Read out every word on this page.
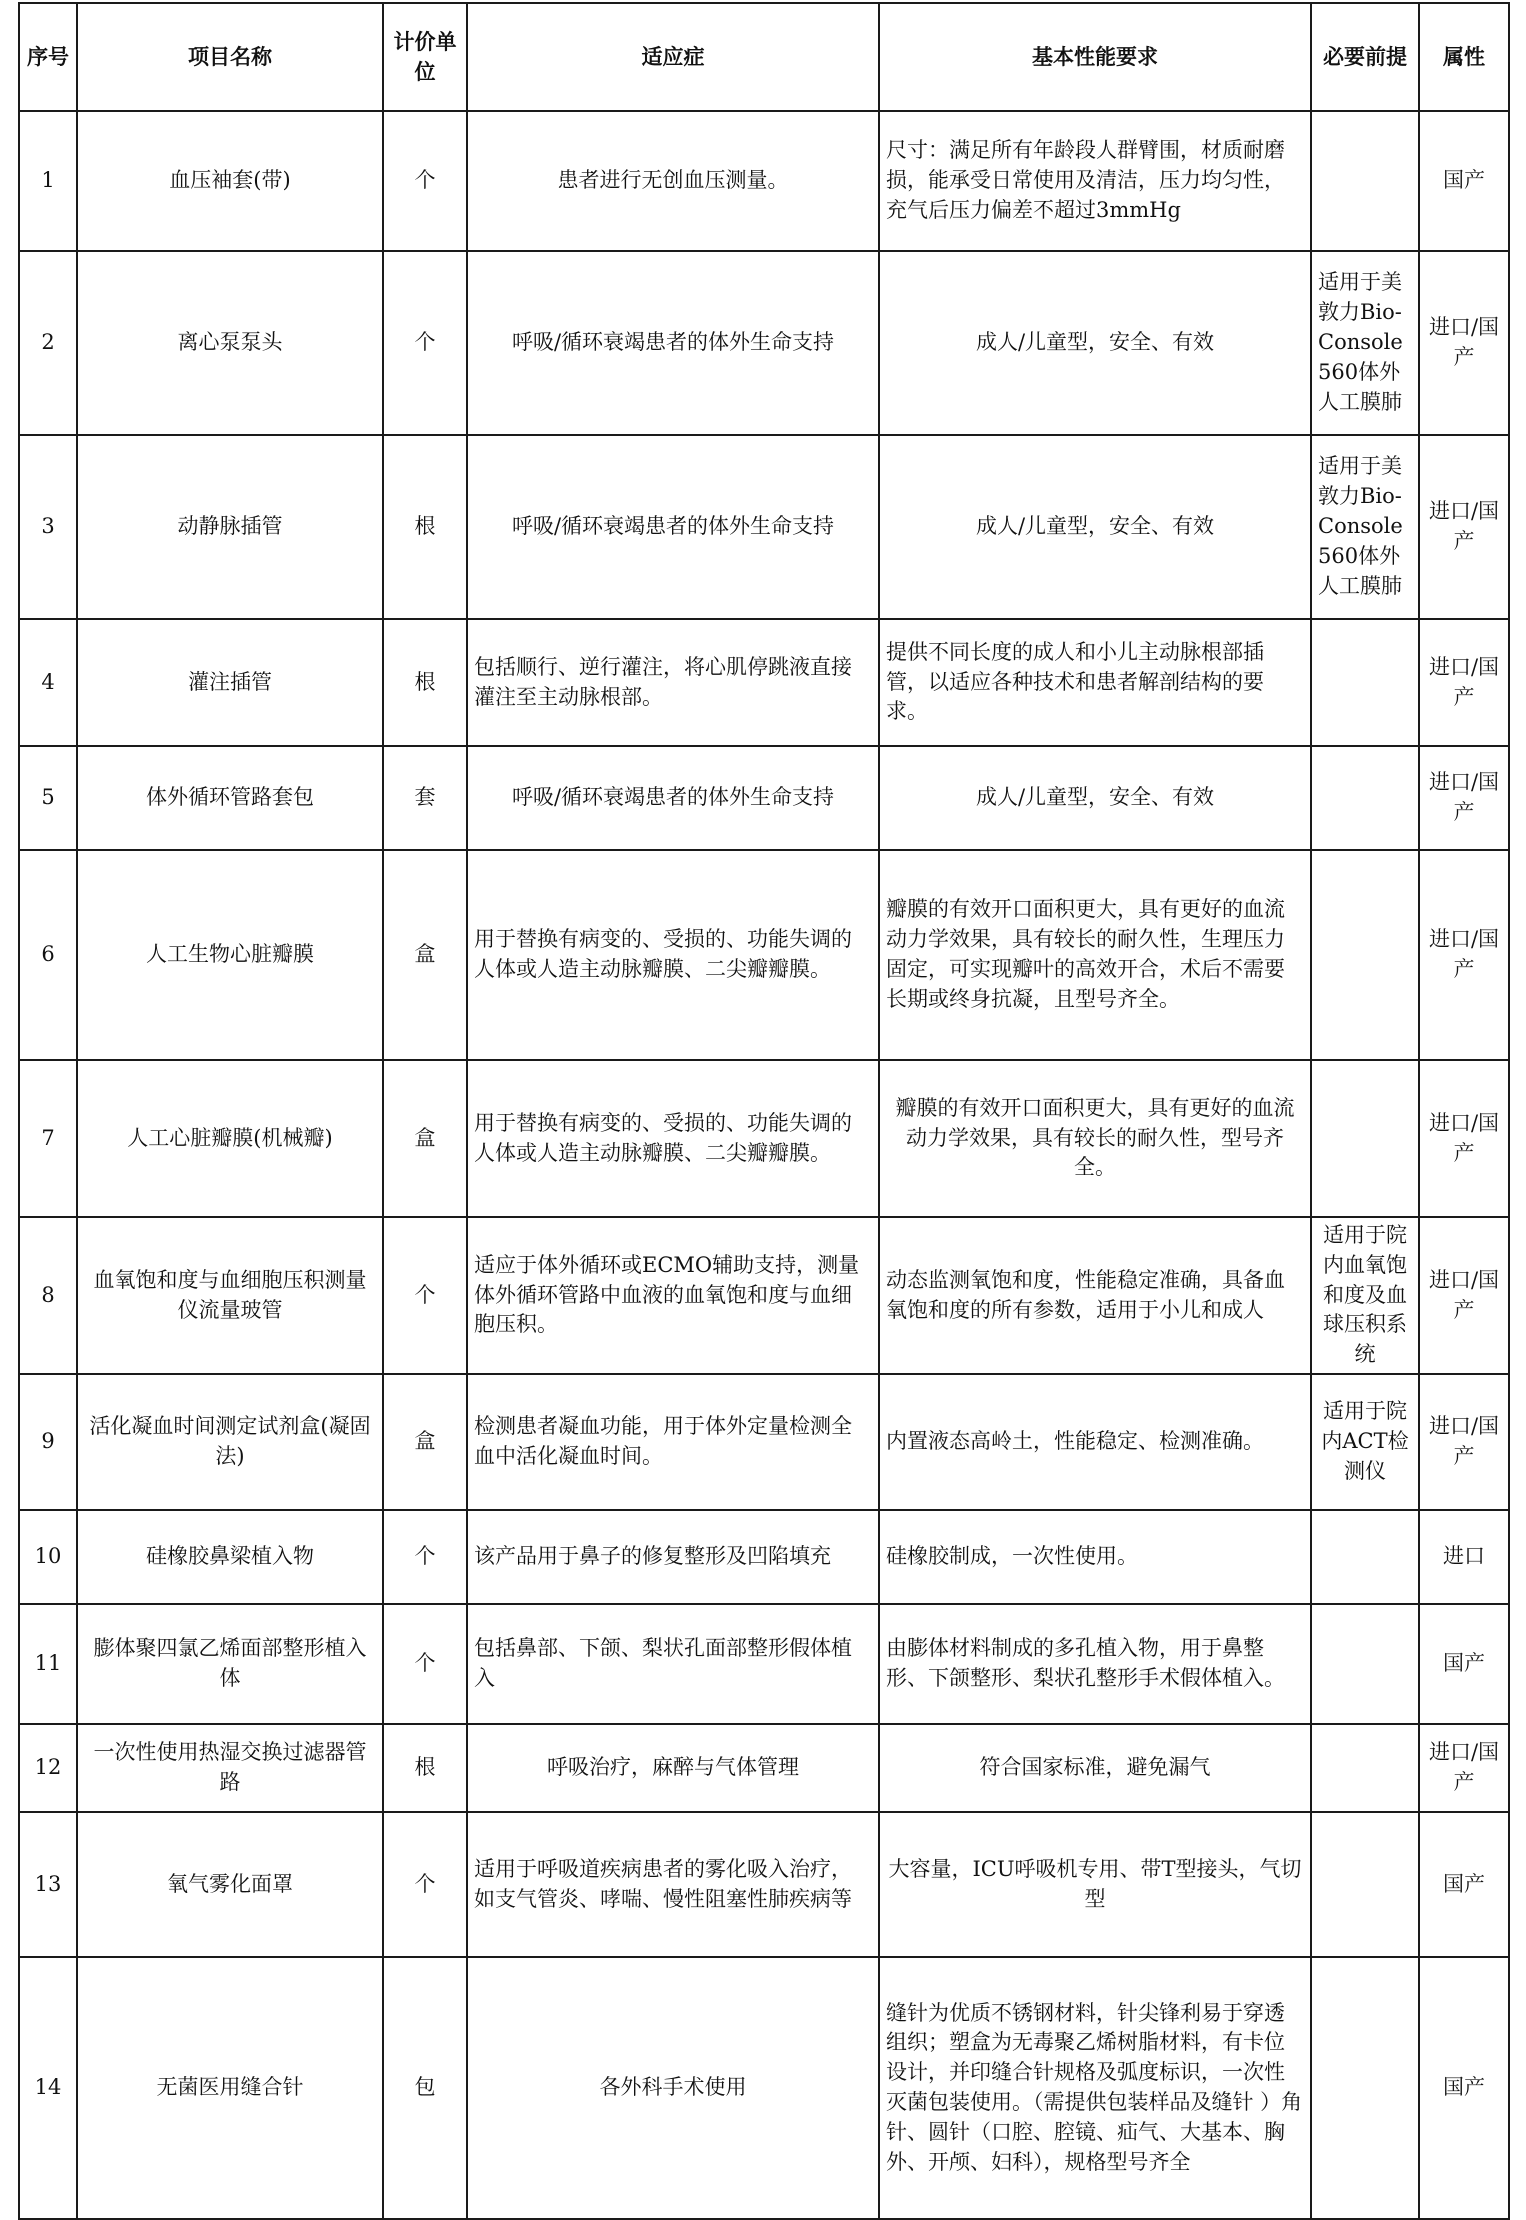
序号	项目名称	计价单位	适应症	基本性能要求	必要前提	属性
1	血压袖套(带)	个	患者进行无创血压测量。	尺寸：满足所有年龄段人群臂围，材质耐磨损，能承受日常使用及清洁，压力均匀性，充气后压力偏差不超过3mmHg		国产
2	离心泵泵头	个	呼吸/循环衰竭患者的体外生命支持	成人/儿童型，安全、有效	适用于美敦力Bio-Console560体外人工膜肺	进口/国产
3	动静脉插管	根	呼吸/循环衰竭患者的体外生命支持	成人/儿童型，安全、有效	适用于美敦力Bio-Console560体外人工膜肺	进口/国产
4	灌注插管	根	包括顺行、逆行灌注，将心肌停跳液直接灌注至主动脉根部。	提供不同长度的成人和小儿主动脉根部插管，以适应各种技术和患者解剖结构的要求。		进口/国产
5	体外循环管路套包	套	呼吸/循环衰竭患者的体外生命支持	成人/儿童型，安全、有效		进口/国产
6	人工生物心脏瓣膜	盒	用于替换有病变的、受损的、功能失调的人体或人造主动脉瓣膜、二尖瓣瓣膜。	瓣膜的有效开口面积更大，具有更好的血流动力学效果，具有较长的耐久性，生理压力固定，可实现瓣叶的高效开合，术后不需要长期或终身抗凝，且型号齐全。		进口/国产
7	人工心脏瓣膜(机械瓣)	盒	用于替换有病变的、受损的、功能失调的人体或人造主动脉瓣膜、二尖瓣瓣膜。	瓣膜的有效开口面积更大，具有更好的血流动力学效果，具有较长的耐久性，型号齐全。		进口/国产
8	血氧饱和度与血细胞压积测量仪流量玻管	个	适应于体外循环或ECMO辅助支持，测量体外循环管路中血液的血氧饱和度与血细胞压积。	动态监测氧饱和度，性能稳定准确，具备血氧饱和度的所有参数，适用于小儿和成人	适用于院内血氧饱和度及血球压积系统	进口/国产
9	活化凝血时间测定试剂盒(凝固法)	盒	检测患者凝血功能，用于体外定量检测全血中活化凝血时间。	内置液态高岭土，性能稳定、检测准确。	适用于院内ACT检测仪	进口/国产
10	硅橡胶鼻梁植入物	个	该产品用于鼻子的修复整形及凹陷填充	硅橡胶制成，一次性使用。		进口
11	膨体聚四氯乙烯面部整形植入体	个	包括鼻部、下颌、梨状孔面部整形假体植入	由膨体材料制成的多孔植入物，用于鼻整形、下颌整形、梨状孔整形手术假体植入。		国产
12	一次性使用热湿交换过滤器管路	根	呼吸治疗，麻醉与气体管理	符合国家标准，避免漏气		进口/国产
13	氧气雾化面罩	个	适用于呼吸道疾病患者的雾化吸入治疗，如支气管炎、哮喘、慢性阻塞性肺疾病等	大容量，ICU呼吸机专用、带T型接头，气切型		国产
14	无菌医用缝合针	包	各外科手术使用	缝针为优质不锈钢材料，针尖锋利易于穿透组织；塑盒为无毒聚乙烯树脂材料，有卡位设计，并印缝合针规格及弧度标识，一次性灭菌包装使用。（需提供包装样品及缝针 ）角针、圆针（口腔、腔镜、疝气、大基本、胸外、开颅、妇科），规格型号齐全		国产
